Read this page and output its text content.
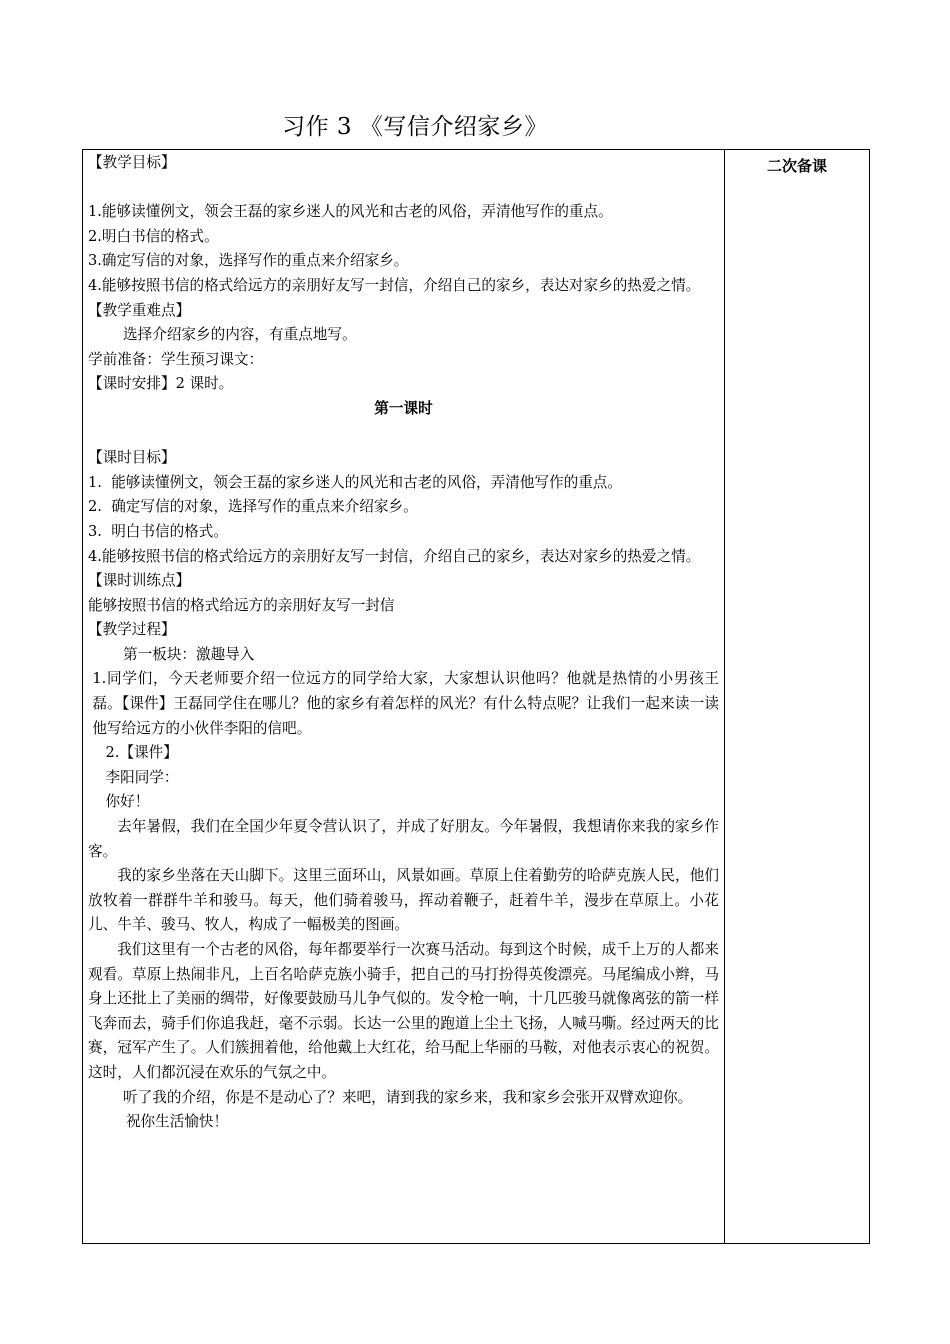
习作 3 《写信介绍家乡》

【教学目标】

1.能够读懂例文，领会王磊的家乡迷人的风光和古老的风俗，弄清他写作的重点。

2.明白书信的格式。

3.确定写信的对象，选择写作的重点来介绍家乡。

4.能够按照书信的格式给远方的亲朋好友写一封信，介绍自己的家乡，表达对家乡的热爱之情。

【教学重难点】

选择介绍家乡的内容，有重点地写。

学前准备：学生预习课文：

【课时安排】2 课时。

第一课时

【课时目标】

1.  能够读懂例文，领会王磊的家乡迷人的风光和古老的风俗，弄清他写作的重点。

2.  确定写信的对象，选择写作的重点来介绍家乡。

3.  明白书信的格式。

4.能够按照书信的格式给远方的亲朋好友写一封信，介绍自己的家乡，表达对家乡的热爱之情。

【课时训练点】

能够按照书信的格式给远方的亲朋好友写一封信

【教学过程】

第一板块：激趣导入

1.同学们，今天老师要介绍一位远方的同学给大家，大家想认识他吗？他就是热情的小男孩王磊。【课件】王磊同学住在哪儿？他的家乡有着怎样的风光？有什么特点呢？让我们一起来读一读他写给远方的小伙伴李阳的信吧。

2.【课件】

李阳同学：

你好！

去年暑假，我们在全国少年夏令营认识了，并成了好朋友。今年暑假，我想请你来我的家乡作客。

我的家乡坐落在天山脚下。这里三面环山，风景如画。草原上住着勤劳的哈萨克族人民，他们放牧着一群群牛羊和骏马。每天，他们骑着骏马，挥动着鞭子，赶着牛羊，漫步在草原上。小花儿、牛羊、骏马、牧人，构成了一幅极美的图画。

我们这里有一个古老的风俗，每年都要举行一次赛马活动。每到这个时候，成千上万的人都来观看。草原上热闹非凡，上百名哈萨克族小骑手，把自己的马打扮得英俊漂亮。马尾编成小辫，马身上还批上了美丽的绸带，好像要鼓励马儿争气似的。发令枪一响，十几匹骏马就像离弦的箭一样飞奔而去，骑手们你追我赶，毫不示弱。长达一公里的跑道上尘土飞扬，人喊马嘶。经过两天的比赛，冠军产生了。人们簇拥着他，给他戴上大红花，给马配上华丽的马鞍，对他表示衷心的祝贺。这时，人们都沉浸在欢乐的气氛之中。

听了我的介绍，你是不是动心了？来吧，请到我的家乡来，我和家乡会张开双臂欢迎你。

祝你生活愉快！

二次备课
